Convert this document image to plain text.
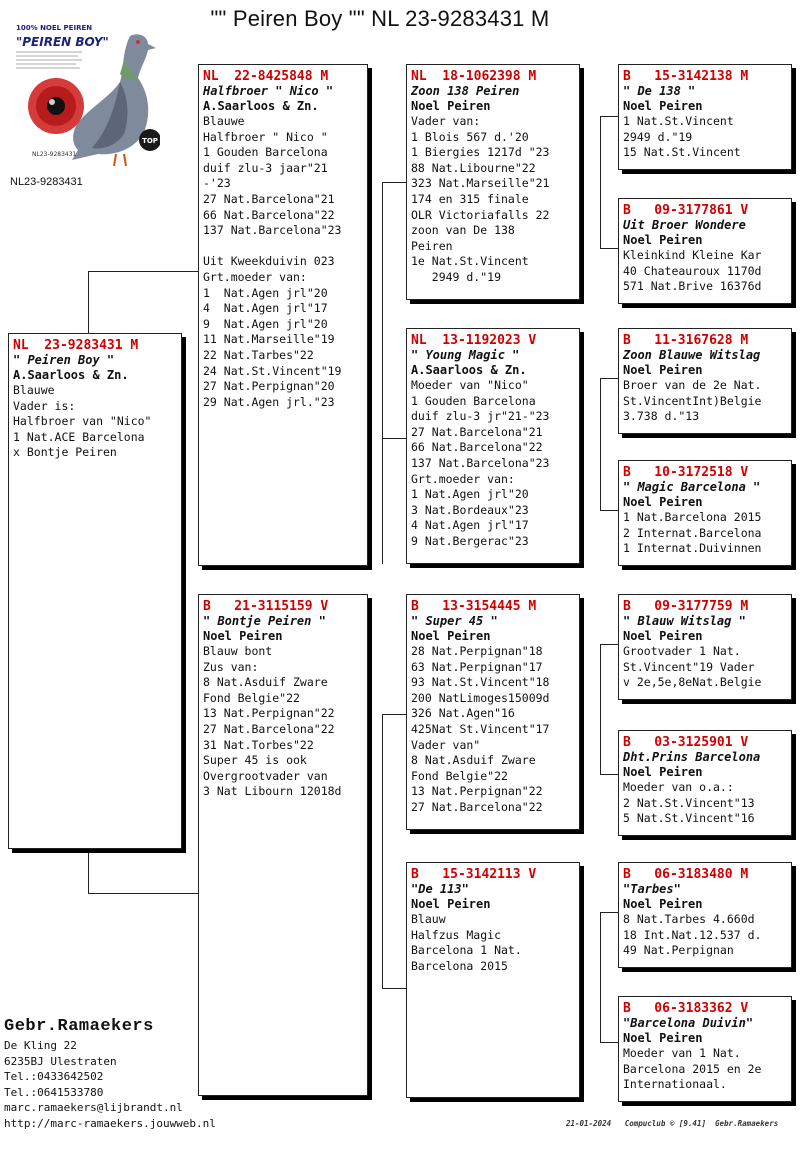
"" Peiren Boy "" NL 23-9283431 M
100% NOEL PEIREN
"PEIREN BOY"
TOP
NL23-9283431
NL23-9283431
NL  23-9283431 M
" Peiren Boy "
A.Saarloos & Zn.
Blauwe
Vader is:
Halfbroer van "Nico"
1 Nat.ACE Barcelona
x Bontje Peiren
NL  22-8425848 M
Halfbroer " Nico "
A.Saarloos & Zn.
Blauwe
Halfbroer " Nico "
1 Gouden Barcelona
duif zlu-3 jaar"21
-'23
27 Nat.Barcelona"21
66 Nat.Barcelona"22
137 Nat.Barcelona"23
Uit Kweekduivin 023
Grt.moeder van:
1  Nat.Agen jrl"20
4  Nat.Agen jrl"17
9  Nat.Agen jrl"20
11 Nat.Marseille"19
22 Nat.Tarbes"22
24 Nat.St.Vincent"19
27 Nat.Perpignan"20
29 Nat.Agen jrl."23
B   21-3115159 V
" Bontje Peiren "
Noel Peiren
Blauw bont
Zus van:
8 Nat.Asduif Zware
Fond Belgie"22
13 Nat.Perpignan"22
27 Nat.Barcelona"22
31 Nat.Torbes"22
Super 45 is ook
Overgrootvader van
3 Nat Libourn 12018d
NL  18-1062398 M
Zoon 138 Peiren
Noel Peiren
Vader van:
1 Blois 567 d.'20
1 Biergies 1217d "23
88 Nat.Libourne"22
323 Nat.Marseille"21
174 en 315 finale
OLR Victoriafalls 22
zoon van De 138
Peiren
1e Nat.St.Vincent
2949 d."19
NL  13-1192023 V
" Young Magic "
A.Saarloos & Zn.
Moeder van "Nico"
1 Gouden Barcelona
duif zlu-3 jr"21-"23
27 Nat.Barcelona"21
66 Nat.Barcelona"22
137 Nat.Barcelona"23
Grt.moeder van:
1 Nat.Agen jrl"20
3 Nat.Bordeaux"23
4 Nat.Agen jrl"17
9 Nat.Bergerac"23
B   13-3154445 M
" Super 45 "
Noel Peiren
28 Nat.Perpignan"18
63 Nat.Perpignan"17
93 Nat.St.Vincent"18
200 NatLimoges15009d
326 Nat.Agen"16
425Nat St.Vincent"17
Vader van"
8 Nat.Asduif Zware
Fond Belgie"22
13 Nat.Perpignan"22
27 Nat.Barcelona"22
B   15-3142113 V
"De 113"
Noel Peiren
Blauw
Halfzus Magic
Barcelona 1 Nat.
Barcelona 2015
B   15-3142138 M
" De 138 "
Noel Peiren
1 Nat.St.Vincent
2949 d."19
15 Nat.St.Vincent
B   09-3177861 V
Uit Broer Wondere
Noel Peiren
Kleinkind Kleine Kar
40 Chateauroux 1170d
571 Nat.Brive 16376d
B   11-3167628 M
Zoon Blauwe Witslag
Noel Peiren
Broer van de 2e Nat.
St.VincentInt)Belgie
3.738 d."13
B   10-3172518 V
" Magic Barcelona "
Noel Peiren
1 Nat.Barcelona 2015
2 Internat.Barcelona
1 Internat.Duivinnen
B   09-3177759 M
" Blauw Witslag "
Noel Peiren
Grootvader 1 Nat.
St.Vincent"19 Vader
v 2e,5e,8eNat.Belgie
B   03-3125901 V
Dht.Prins Barcelona
Noel Peiren
Moeder van o.a.:
2 Nat.St.Vincent"13
5 Nat.St.Vincent"16
B   06-3183480 M
"Tarbes"
Noel Peiren
8 Nat.Tarbes 4.660d
18 Int.Nat.12.537 d.
49 Nat.Perpignan
B   06-3183362 V
"Barcelona Duivin"
Noel Peiren
Moeder van 1 Nat.
Barcelona 2015 en 2e
Internationaal.
Gebr.Ramaekers
De Kling 22
6235BJ Ulestraten
Tel.:0433642502
Tel.:0641533780
marc.ramaekers@lijbrandt.nl
http://marc-ramaekers.jouwweb.nl	21-01-2024   Compuclub © [9.41]  Gebr.Ramaekers
